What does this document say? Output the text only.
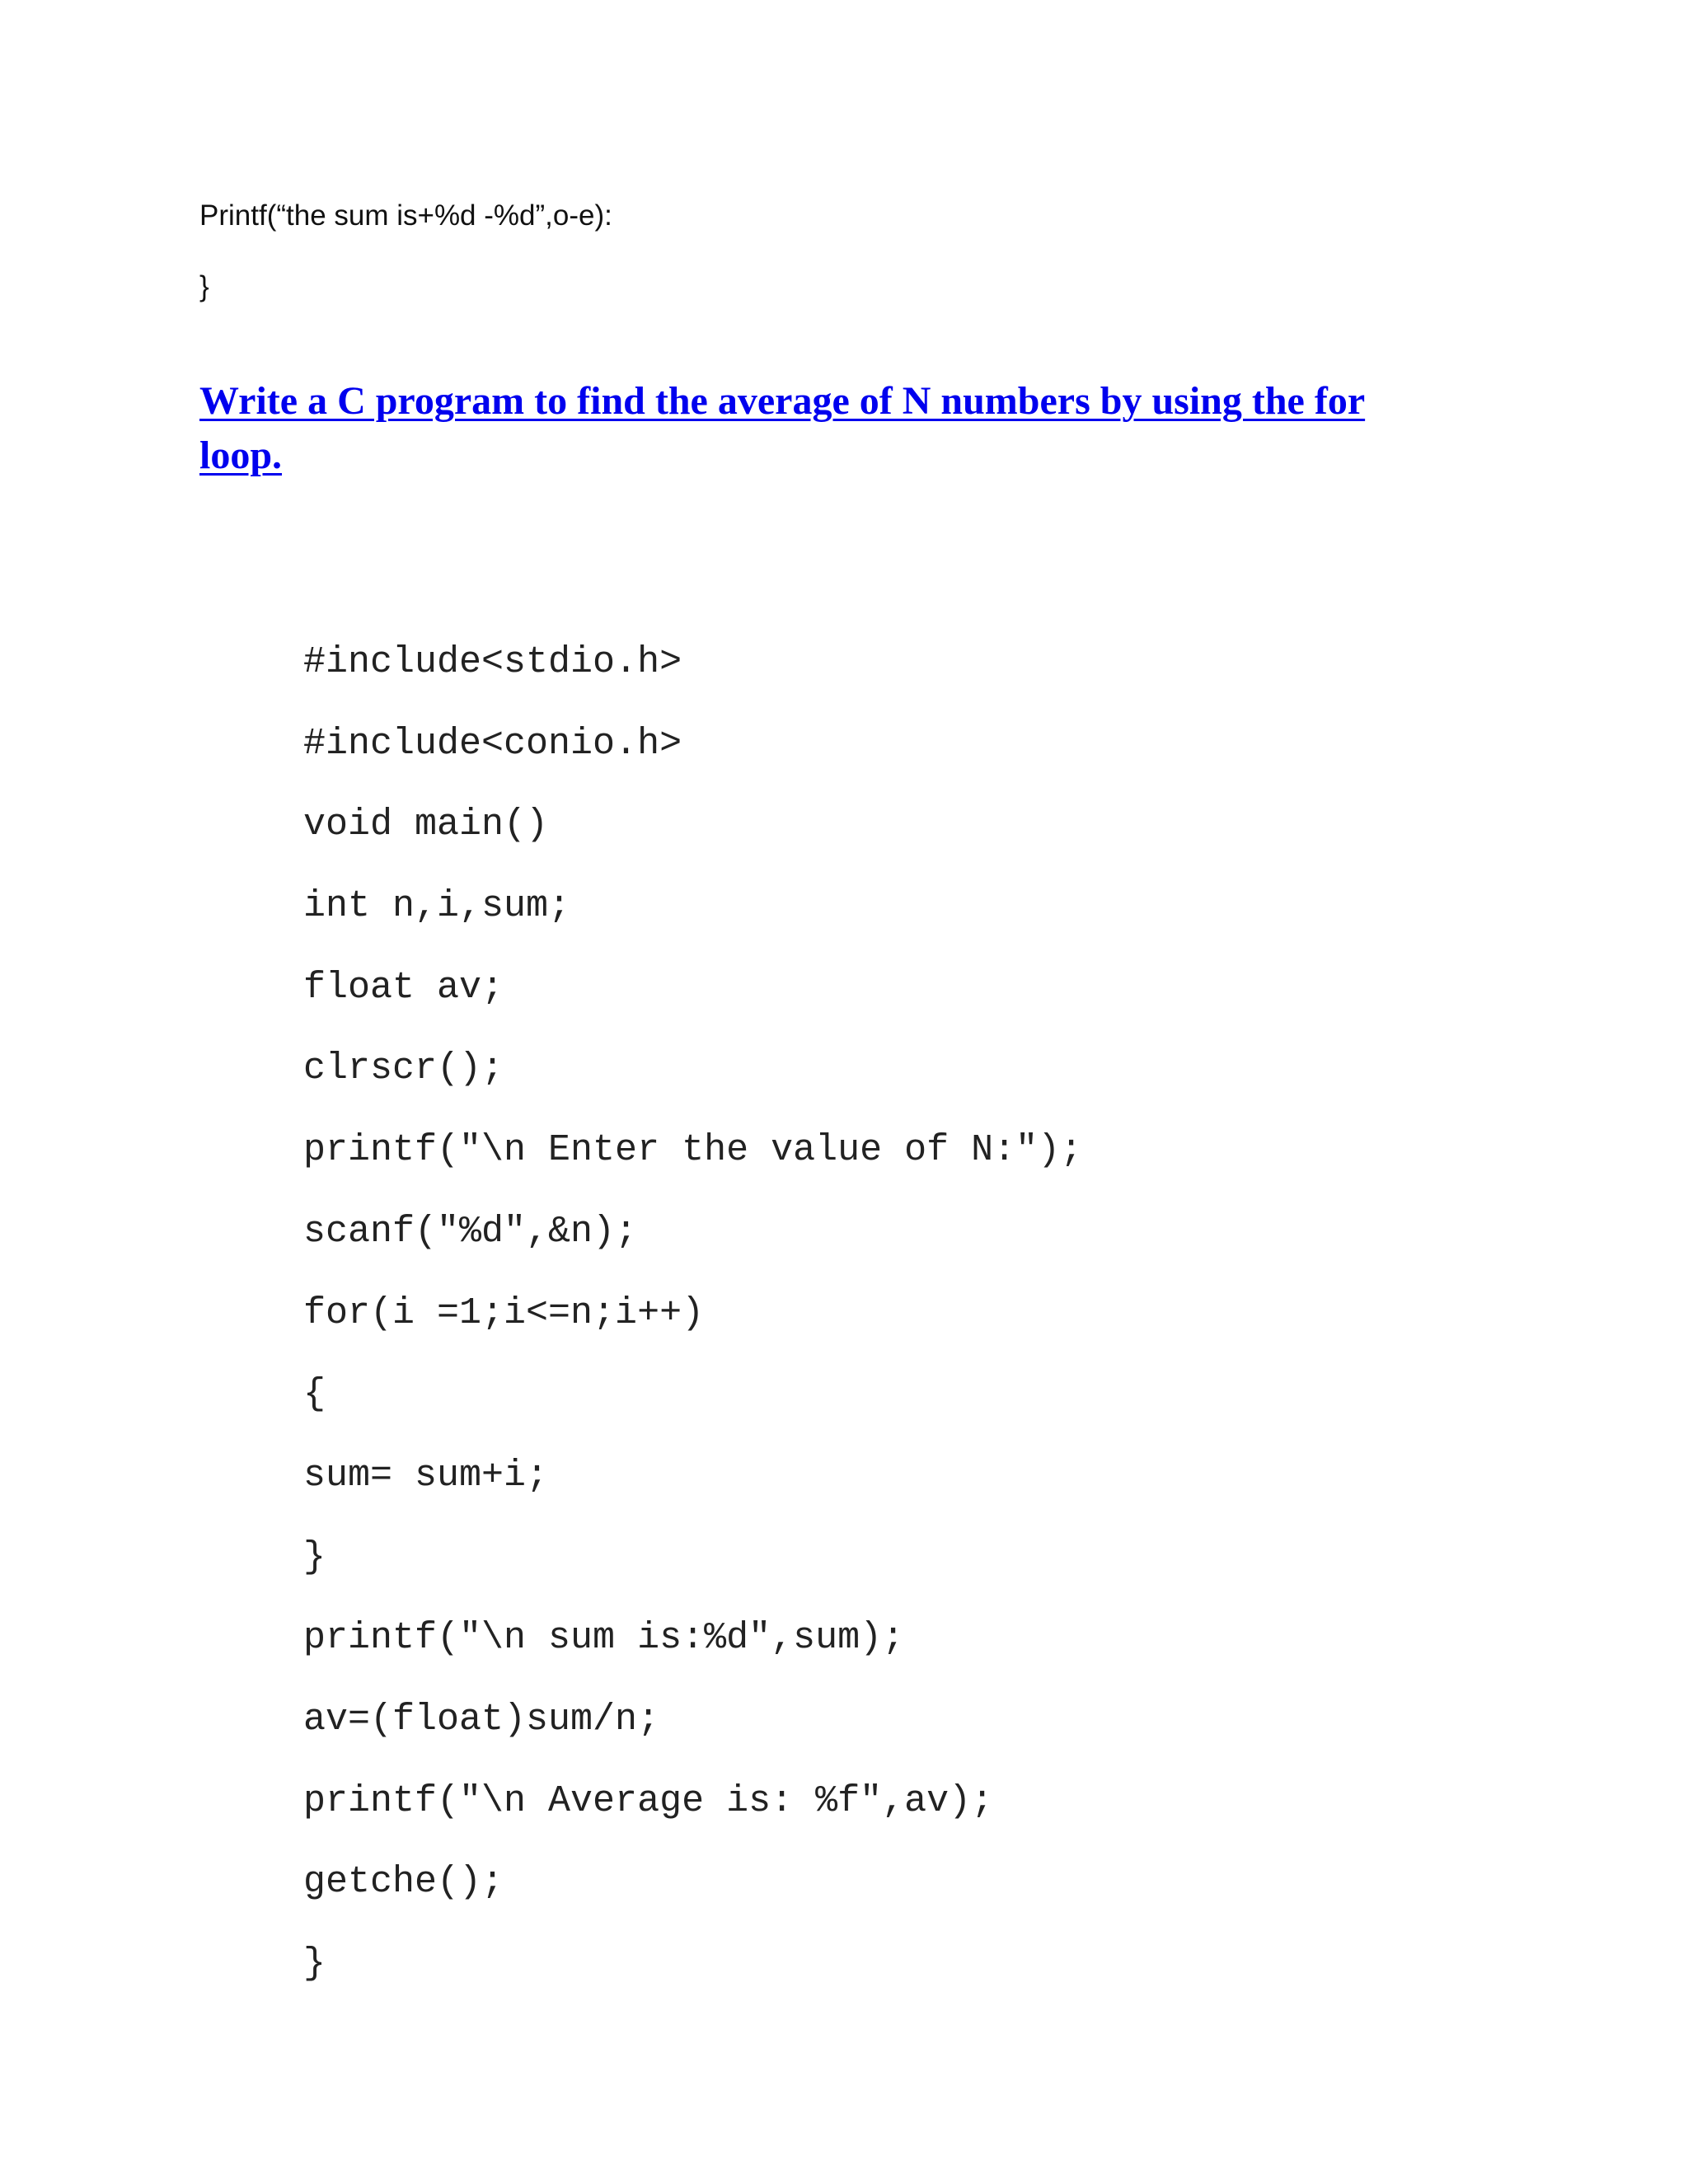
Printf(“the sum is+%d -%d”,o-e):
}
Write a C program to find the average of N numbers by using the for loop.
#include<stdio.h>
#include<conio.h>
void main()
int n,i,sum;
float av;
clrscr();
printf("\n Enter the value of N:");
scanf("%d",&n);
for(i =1;i<=n;i++)
{
sum= sum+i;
}
printf("\n sum is:%d",sum);
av=(float)sum/n;
printf("\n Average is: %f",av);
getche();
}
